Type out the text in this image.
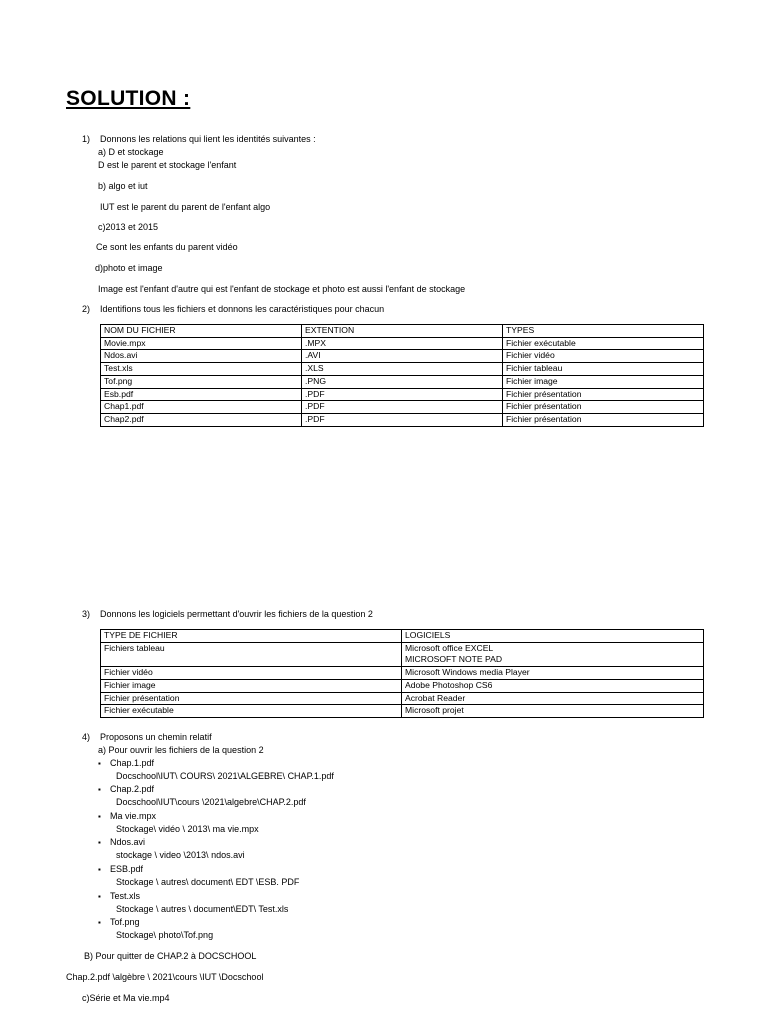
SOLUTION :
1)    Donnons les relations qui lient les identités suivantes :
a) D et stockage
D est le parent et stockage l'enfant
b) algo et iut
IUT est le parent du parent de l'enfant algo
c)2013 et 2015
Ce sont les enfants du parent vidéo
d)photo et image
Image est l'enfant d'autre qui est l'enfant de stockage et photo est aussi l'enfant de stockage
2)    Identifions tous les fichiers et donnons les caractéristiques pour chacun
NOM DU FICHIER	EXTENTION	TYPES
Movie.mpx	.MPX	Fichier exécutable
Ndos.avi	.AVI	Fichier vidéo
Test.xls	.XLS	Fichier tableau
Tof.png	.PNG	Fichier image
Esb.pdf	.PDF	Fichier présentation
Chap1.pdf	.PDF	Fichier présentation
Chap2.pdf	.PDF	Fichier présentation
3)    Donnons les logiciels permettant d'ouvrir les fichiers de la question 2
TYPE DE FICHIER	LOGICIELS
Fichiers tableau	Microsoft office EXCEL
MICROSOFT NOTE PAD
Fichier vidéo	Microsoft Windows media Player
Fichier image	Adobe Photoshop CS6
Fichier présentation	Acrobat Reader
Fichier exécutable	Microsoft projet
4)    Proposons un chemin relatif
a) Pour ouvrir les fichiers de la question 2
▪ Chap.1.pdf
Docschool\IUT\ COURS\ 2021\ALGEBRE\ CHAP.1.pdf
▪ Chap.2.pdf
Docschool\IUT\cours \2021\algebre\CHAP.2.pdf
▪ Ma vie.mpx
Stockage\ vidéo \ 2013\ ma vie.mpx
▪ Ndos.avi
stockage \ video \2013\ ndos.avi
▪ ESB.pdf
Stockage \ autres\ document\ EDT \ESB. PDF
▪ Test.xls
Stockage \ autres \ document\EDT\ Test.xls
▪ Tof.png
Stockage\ photo\Tof.png
B) Pour quitter de CHAP.2 à DOCSCHOOL
Chap.2.pdf \algèbre \ 2021\cours \IUT \Docschool
c)Série et Ma vie.mp4
